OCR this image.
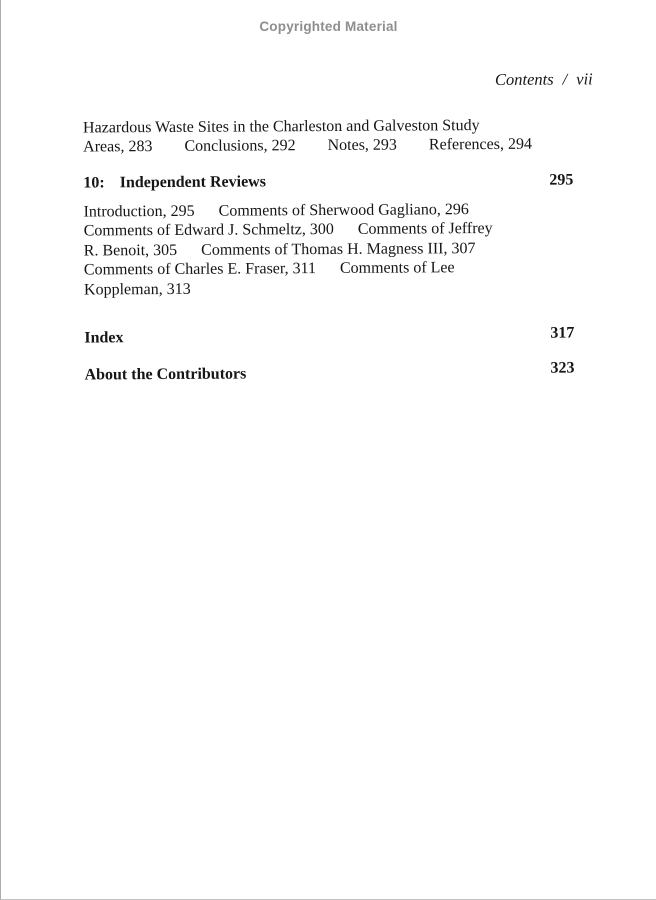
Copyrighted Material
Contents / vii
Hazardous Waste Sites in the Charleston and Galveston Study
Areas, 283  Conclusions, 292  Notes, 293  References, 294
10: Independent Reviews	295
Introduction, 295  Comments of Sherwood Gagliano, 296
Comments of Edward J. Schmeltz, 300  Comments of Jeffrey
R. Benoit, 305  Comments of Thomas H. Magness III, 307
Comments of Charles E. Fraser, 311  Comments of Lee
Koppleman, 313
Index	317
About the Contributors	323
